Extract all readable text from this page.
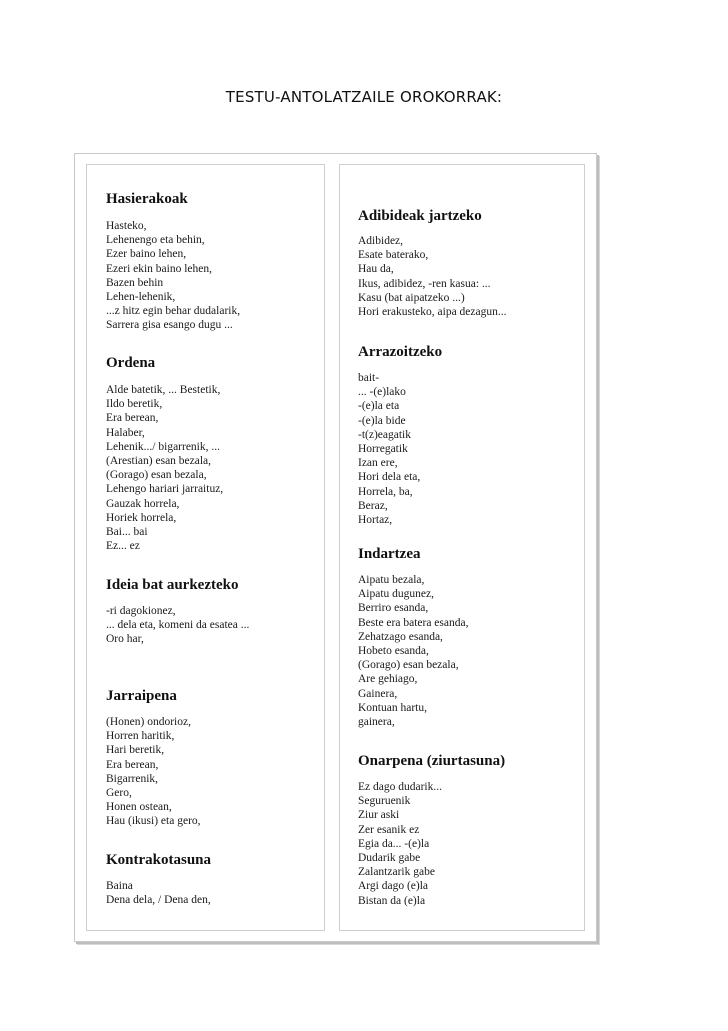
TESTU-ANTOLATZAILE OROKORRAK:
Hasierakoak
Hasteko,
Lehenengo eta behin,
Ezer baino lehen,
Ezeri ekin baino lehen,
Bazen behin
Lehen-lehenik,
...z hitz egin behar dudalarik,
Sarrera gisa esango dugu ...
Ordena
Alde batetik, ... Bestetik,
Ildo beretik,
Era berean,
Halaber,
Lehenik.../ bigarrenik, ...
(Arestian) esan bezala,
(Gorago) esan bezala,
Lehengo hariari jarraituz,
Gauzak horrela,
Horiek horrela,
Bai... bai
Ez... ez
Ideia bat aurkezteko
-ri dagokionez,
... dela eta, komeni da esatea ...
Oro har,
Jarraipena
(Honen) ondorioz,
Horren haritik,
Hari beretik,
Era berean,
Bigarrenik,
Gero,
Honen ostean,
Hau (ikusi) eta gero,
Kontrakotasuna
Baina
Dena dela, / Dena den,
Adibideak jartzeko
Adibidez,
Esate baterako,
Hau da,
Ikus, adibidez, -ren kasua: ...
Kasu (bat aipatzeko ...)
Hori erakusteko, aipa dezagun...
Arrazoitzeko
bait-
... -(e)lako
-(e)la eta
-(e)la bide
-t(z)eagatik
Horregatik
Izan ere,
Hori dela eta,
Horrela, ba,
Beraz,
Hortaz,
Indartzea
Aipatu bezala,
Aipatu dugunez,
Berriro esanda,
Beste era batera esanda,
Zehatzago esanda,
Hobeto esanda,
(Gorago) esan bezala,
Are gehiago,
Gainera,
Kontuan hartu,
gainera,
Onarpena (ziurtasuna)
Ez dago dudarik...
Seguruenik
Ziur aski
Zer esanik ez
Egia da... -(e)la
Dudarik gabe
Zalantzarik gabe
Argi dago (e)la
Bistan da (e)la
